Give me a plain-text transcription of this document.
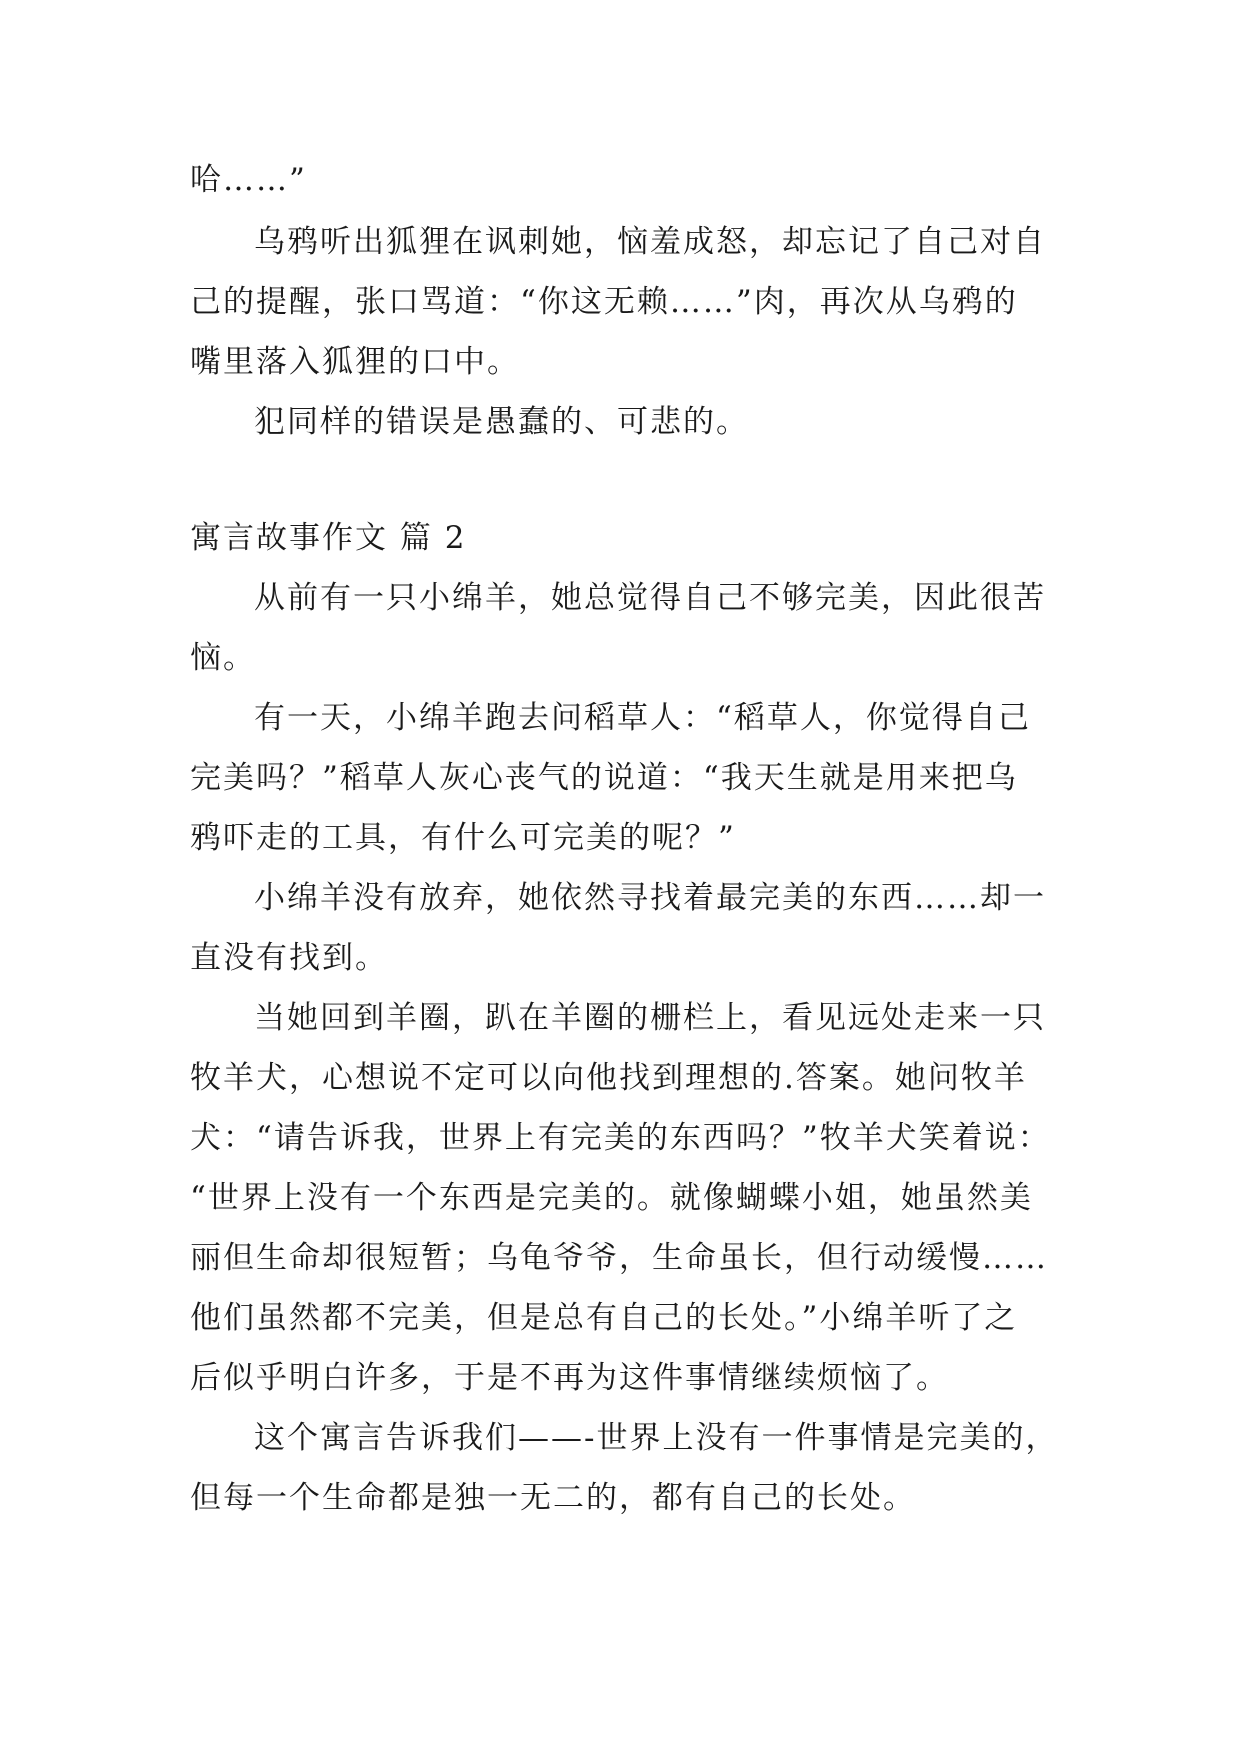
哈……”
乌鸦听出狐狸在讽刺她，恼羞成怒，却忘记了自己对自
己的提醒，张口骂道：“你这无赖……”肉，再次从乌鸦的
嘴里落入狐狸的口中。
犯同样的错误是愚蠢的、可悲的。
寓言故事作文 篇 2
从前有一只小绵羊，她总觉得自己不够完美，因此很苦
恼。
有一天，小绵羊跑去问稻草人：“稻草人，你觉得自己
完美吗？”稻草人灰心丧气的说道：“我天生就是用来把乌
鸦吓走的工具，有什么可完美的呢？”
小绵羊没有放弃，她依然寻找着最完美的东西……却一
直没有找到。
当她回到羊圈，趴在羊圈的栅栏上，看见远处走来一只
牧羊犬，心想说不定可以向他找到理想的.答案。她问牧羊
犬：“请告诉我，世界上有完美的东西吗？”牧羊犬笑着说：
“世界上没有一个东西是完美的。就像蝴蝶小姐，她虽然美
丽但生命却很短暂；乌龟爷爷，生命虽长，但行动缓慢……
他们虽然都不完美，但是总有自己的长处。”小绵羊听了之
后似乎明白许多，于是不再为这件事情继续烦恼了。
这个寓言告诉我们——-世界上没有一件事情是完美的，
但每一个生命都是独一无二的，都有自己的长处。
